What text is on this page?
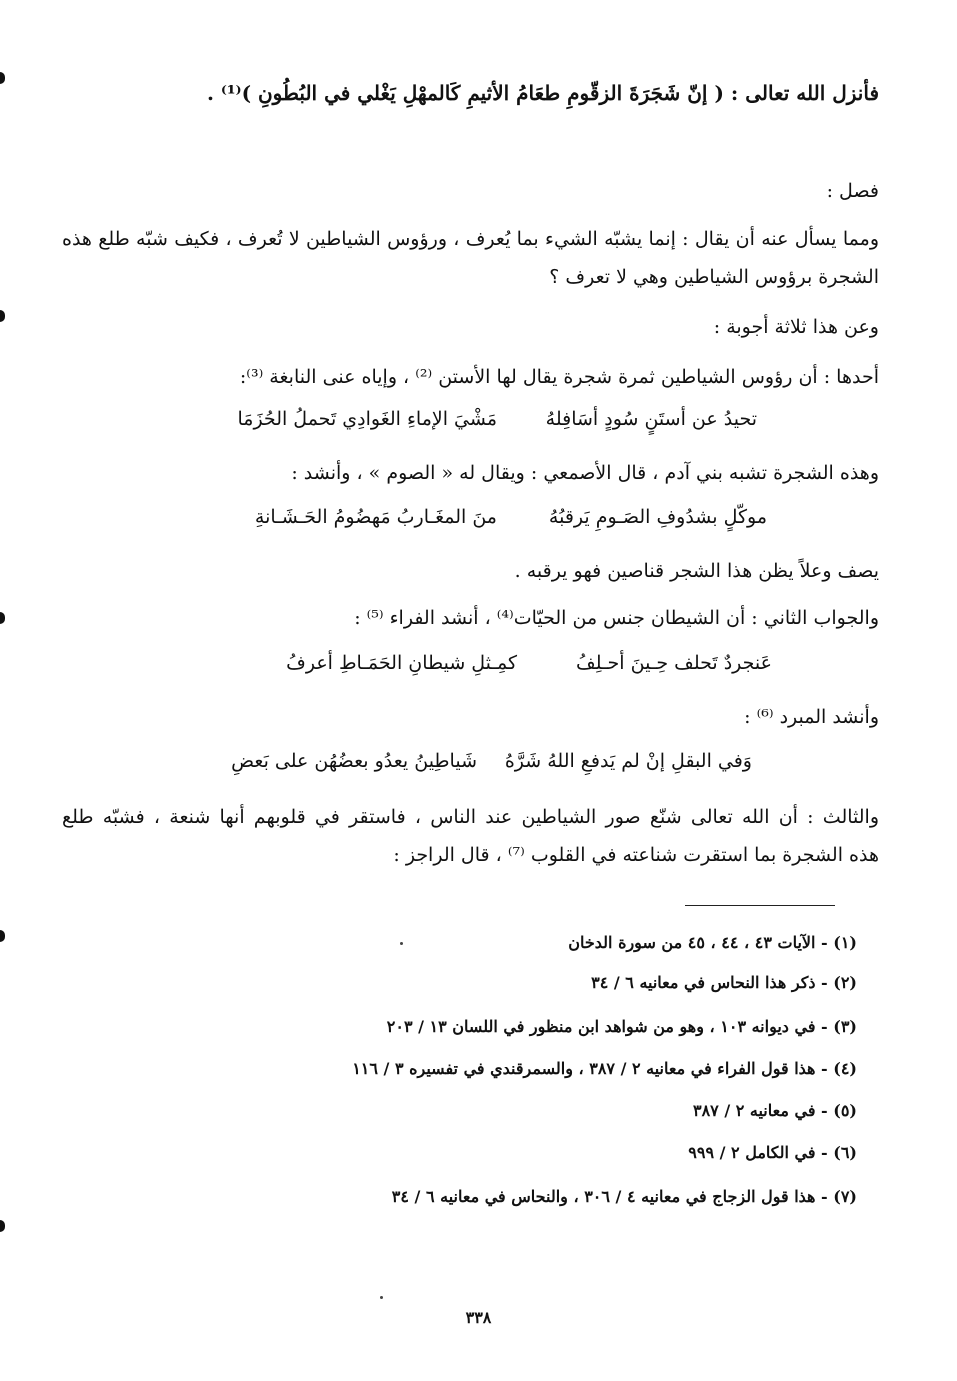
فأنزل الله تعالى : ( إنّ شَجَرَةَ الزقّومِ طعَامُ الأثيمِ كَالمهْلِ يَغْلي في البُطُونِ )⁽¹⁾ .
فصل :
ومما يسأل عنه أن يقال : إنما يشبّه الشيء بما يُعرف ، ورؤوس الشياطين لا تُعرف ، فكيف شبّه طلع هذه
الشجرة برؤوس الشياطين وهي لا تعرف ؟
وعن هذا ثلاثة أجوبة :
أحدها : أن رؤوس الشياطين ثمرة شجرة يقال لها الأستن ⁽²⁾ ، وإياه عنى النابغة ⁽³⁾:
تحيدُ عن أستَنٍ سُودٍ أسَافِلهُ
مَشْيَ الإماءِ الغَوادِي تَحملُ الحُزَمَا
وهذه الشجرة تشبه بني آدم ، قال الأصمعي : ويقال له « الصوم » ، وأنشد :
موكّلٍ بشدُوفِ الصَـومِ يَرقبُهُ
منَ المغَـاربُ مَهضُومُ الحَـشَـانةِ
يصف وعلاً يظن هذا الشجر قناصين فهو يرقبه .
والجواب الثاني : أن الشيطان جنس من الحيّات⁽⁴⁾ ، أنشد الفراء ⁽⁵⁾ :
عَنجردٌ تَحلف حِـينَ أحـلِفُ
كمِـثلِ شيطانِ الحَمَـاطِ أعرفُ
وأنشد المبرد ⁽⁶⁾ :
وَفي البقلِ إنْ لم يَدفعِ اللهُ شَرَّهُ
شَياطِينُ يعدُو بعضُهُن على بَعضِ
والثالث : أن الله تعالى شنّع صور الشياطين عند الناس ، فاستقر في قلوبهم أنها شنعة ، فشبّه طلع
هذه الشجرة بما استقرت شناعته في القلوب ⁽⁷⁾ ، قال الراجز :
(١) - الآيات ٤٣ ، ٤٤ ، ٤٥ من سورة الدخان
(٢) - ذكر هذا النحاس في معانيه ٦ / ٣٤
(٣) - في ديوانه ١٠٣ ، وهو من شواهد ابن منظور في اللسان ١٣ / ٢٠٣
(٤) - هذا قول الفراء في معانيه ٢ / ٣٨٧ ، والسمرقندي في تفسيره ٣ / ١١٦
(٥) - في معانيه ٢ / ٣٨٧
(٦) - في الكامل ٢ / ٩٩٩
(٧) - هذا قول الزجاج في معانيه ٤ / ٣٠٦ ، والنحاس في معانيه ٦ / ٣٤
٣٣٨
